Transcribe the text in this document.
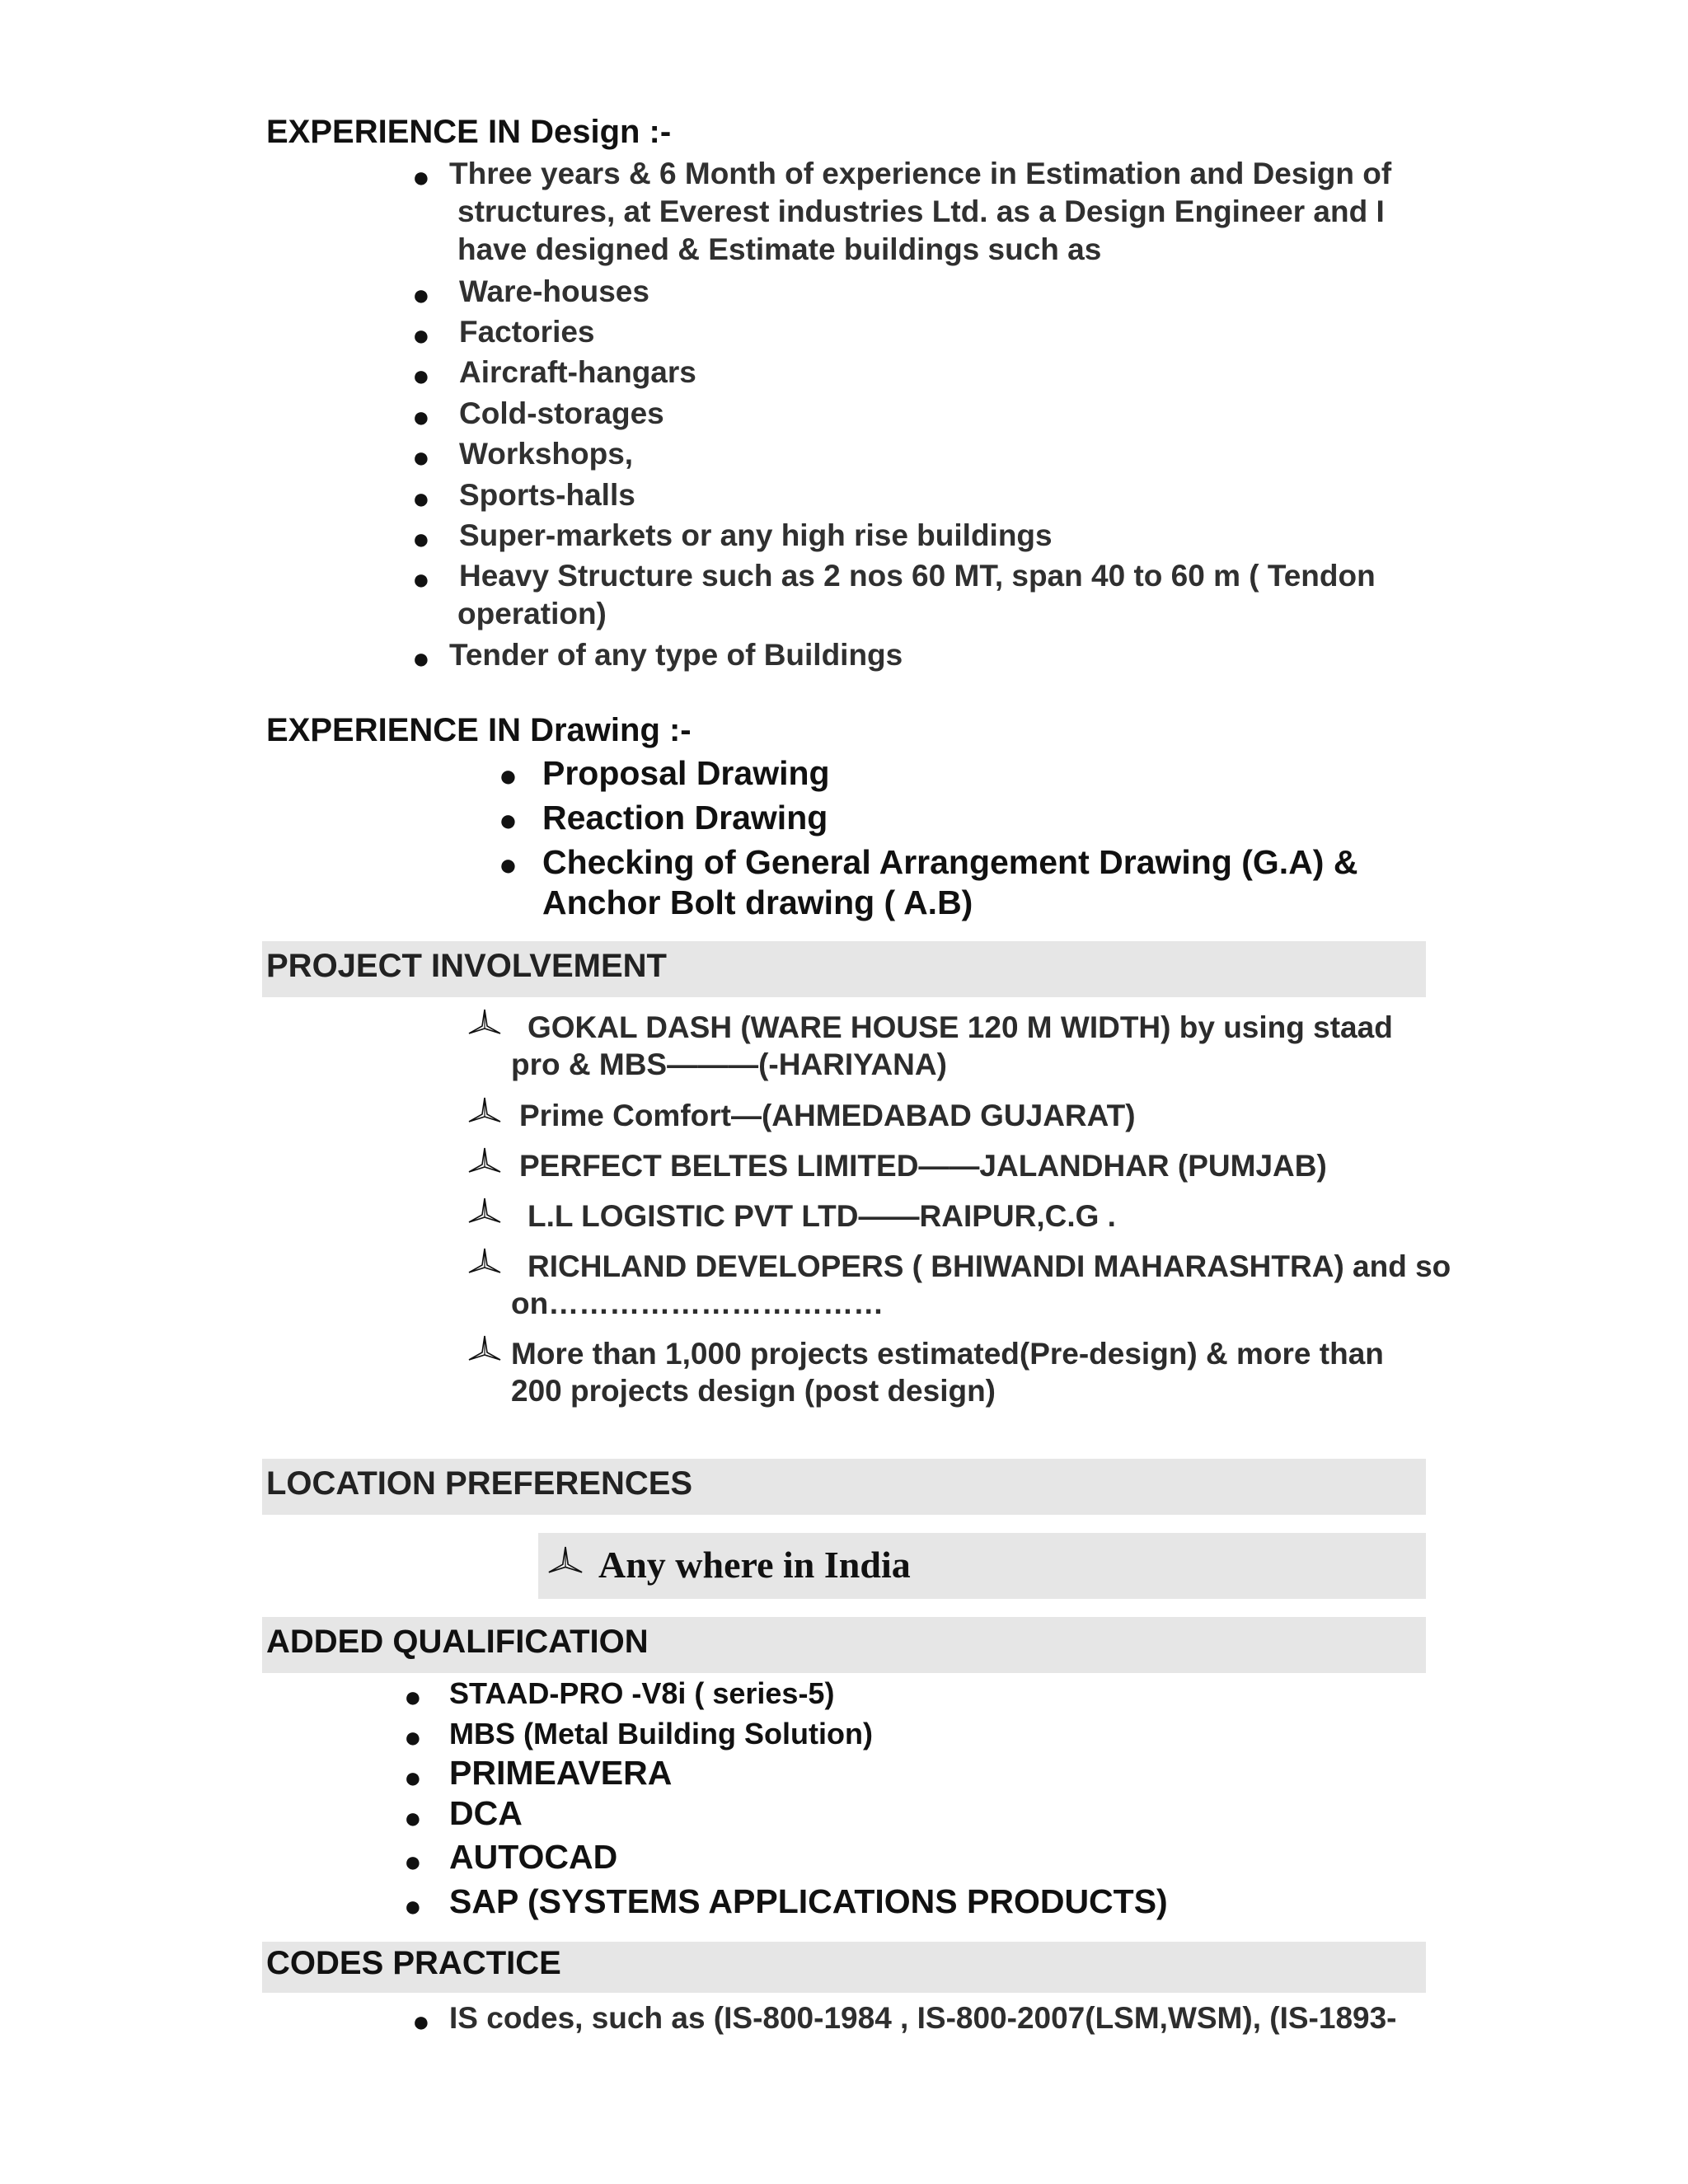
EXPERIENCE IN Design :-
● Three years & 6 Month of experience in Estimation and Design of
structures, at Everest industries Ltd. as a Design Engineer and I
have designed & Estimate buildings such as
● Ware-houses
● Factories
● Aircraft-hangars
● Cold-storages
● Workshops,
● Sports-halls
● Super-markets or any high rise buildings
● Heavy Structure such as 2 nos 60 MT, span 40 to 60 m ( Tendon
operation)
● Tender of any type of Buildings
EXPERIENCE IN Drawing :-
● Proposal Drawing
● Reaction Drawing
● Checking of General Arrangement Drawing (G.A) &
Anchor Bolt drawing ( A.B)
PROJECT INVOLVEMENT
GOKAL DASH (WARE HOUSE 120 M WIDTH) by using staad
pro & MBS———(-HARIYANA)
Prime Comfort—(AHMEDABAD GUJARAT)
PERFECT BELTES LIMITED——JALANDHAR (PUMJAB)
L.L LOGISTIC PVT LTD——RAIPUR,C.G .
RICHLAND DEVELOPERS ( BHIWANDI MAHARASHTRA) and so
on……………………………
More than 1,000 projects estimated(Pre-design) & more than
200 projects design (post design)
LOCATION PREFERENCES
Any where in India
ADDED QUALIFICATION
● STAAD-PRO -V8i ( series-5)
● MBS (Metal Building Solution)
● PRIMEAVERA
● DCA
● AUTOCAD
● SAP (SYSTEMS APPLICATIONS PRODUCTS)
CODES PRACTICE
● IS codes, such as (IS-800-1984 , IS-800-2007(LSM,WSM), (IS-1893-
